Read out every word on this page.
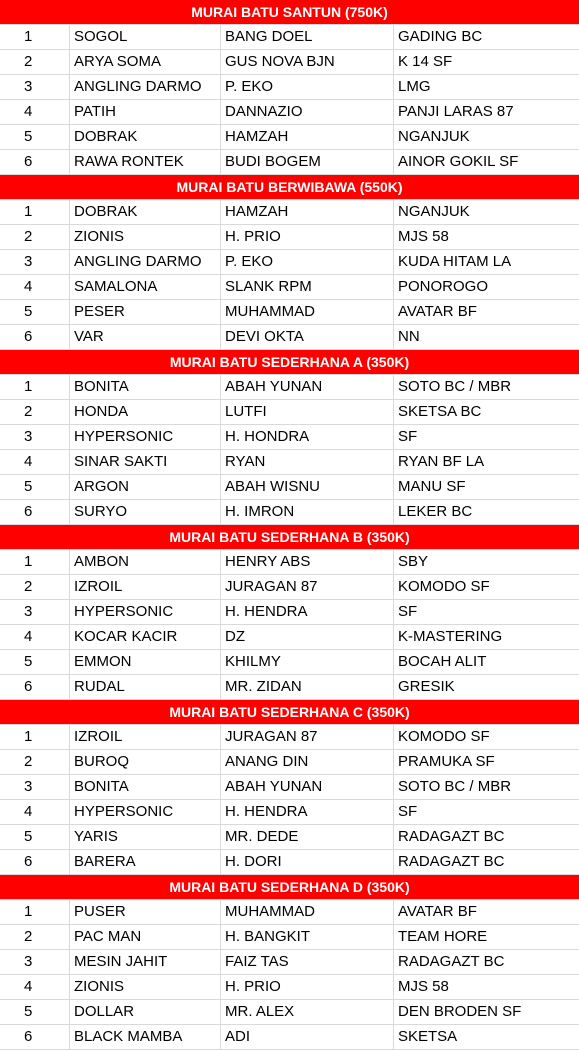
MURAI BATU SANTUN (750K)
1	SOGOL	BANG DOEL	GADING BC
2	ARYA SOMA	GUS NOVA BJN	K 14 SF
3	ANGLING DARMO	P. EKO	LMG
4	PATIH	DANNAZIO	PANJI LARAS 87
5	DOBRAK	HAMZAH	NGANJUK
6	RAWA RONTEK	BUDI BOGEM	AINOR GOKIL SF
MURAI BATU BERWIBAWA (550K)
1	DOBRAK	HAMZAH	NGANJUK
2	ZIONIS	H. PRIO	MJS 58
3	ANGLING DARMO	P. EKO	KUDA HITAM LA
4	SAMALONA	SLANK RPM	PONOROGO
5	PESER	MUHAMMAD	AVATAR BF
6	VAR	DEVI OKTA	NN
MURAI BATU SEDERHANA A (350K)
1	BONITA	ABAH YUNAN	SOTO BC / MBR
2	HONDA	LUTFI	SKETSA BC
3	HYPERSONIC	H. HONDRA	SF
4	SINAR SAKTI	RYAN	RYAN BF LA
5	ARGON	ABAH WISNU	MANU SF
6	SURYO	H. IMRON	LEKER BC
MURAI BATU SEDERHANA B (350K)
1	AMBON	HENRY ABS	SBY
2	IZROIL	JURAGAN 87	KOMODO SF
3	HYPERSONIC	H. HENDRA	SF
4	KOCAR KACIR	DZ	K-MASTERING
5	EMMON	KHILMY	BOCAH ALIT
6	RUDAL	MR. ZIDAN	GRESIK
MURAI BATU SEDERHANA C (350K)
1	IZROIL	JURAGAN 87	KOMODO SF
2	BUROQ	ANANG DIN	PRAMUKA SF
3	BONITA	ABAH YUNAN	SOTO BC / MBR
4	HYPERSONIC	H. HENDRA	SF
5	YARIS	MR. DEDE	RADAGAZT BC
6	BARERA	H. DORI	RADAGAZT BC
MURAI BATU SEDERHANA D (350K)
1	PUSER	MUHAMMAD	AVATAR BF
2	PAC MAN	H. BANGKIT	TEAM HORE
3	MESIN JAHIT	FAIZ TAS	RADAGAZT BC
4	ZIONIS	H. PRIO	MJS 58
5	DOLLAR	MR. ALEX	DEN BRODEN SF
6	BLACK MAMBA	ADI	SKETSA
